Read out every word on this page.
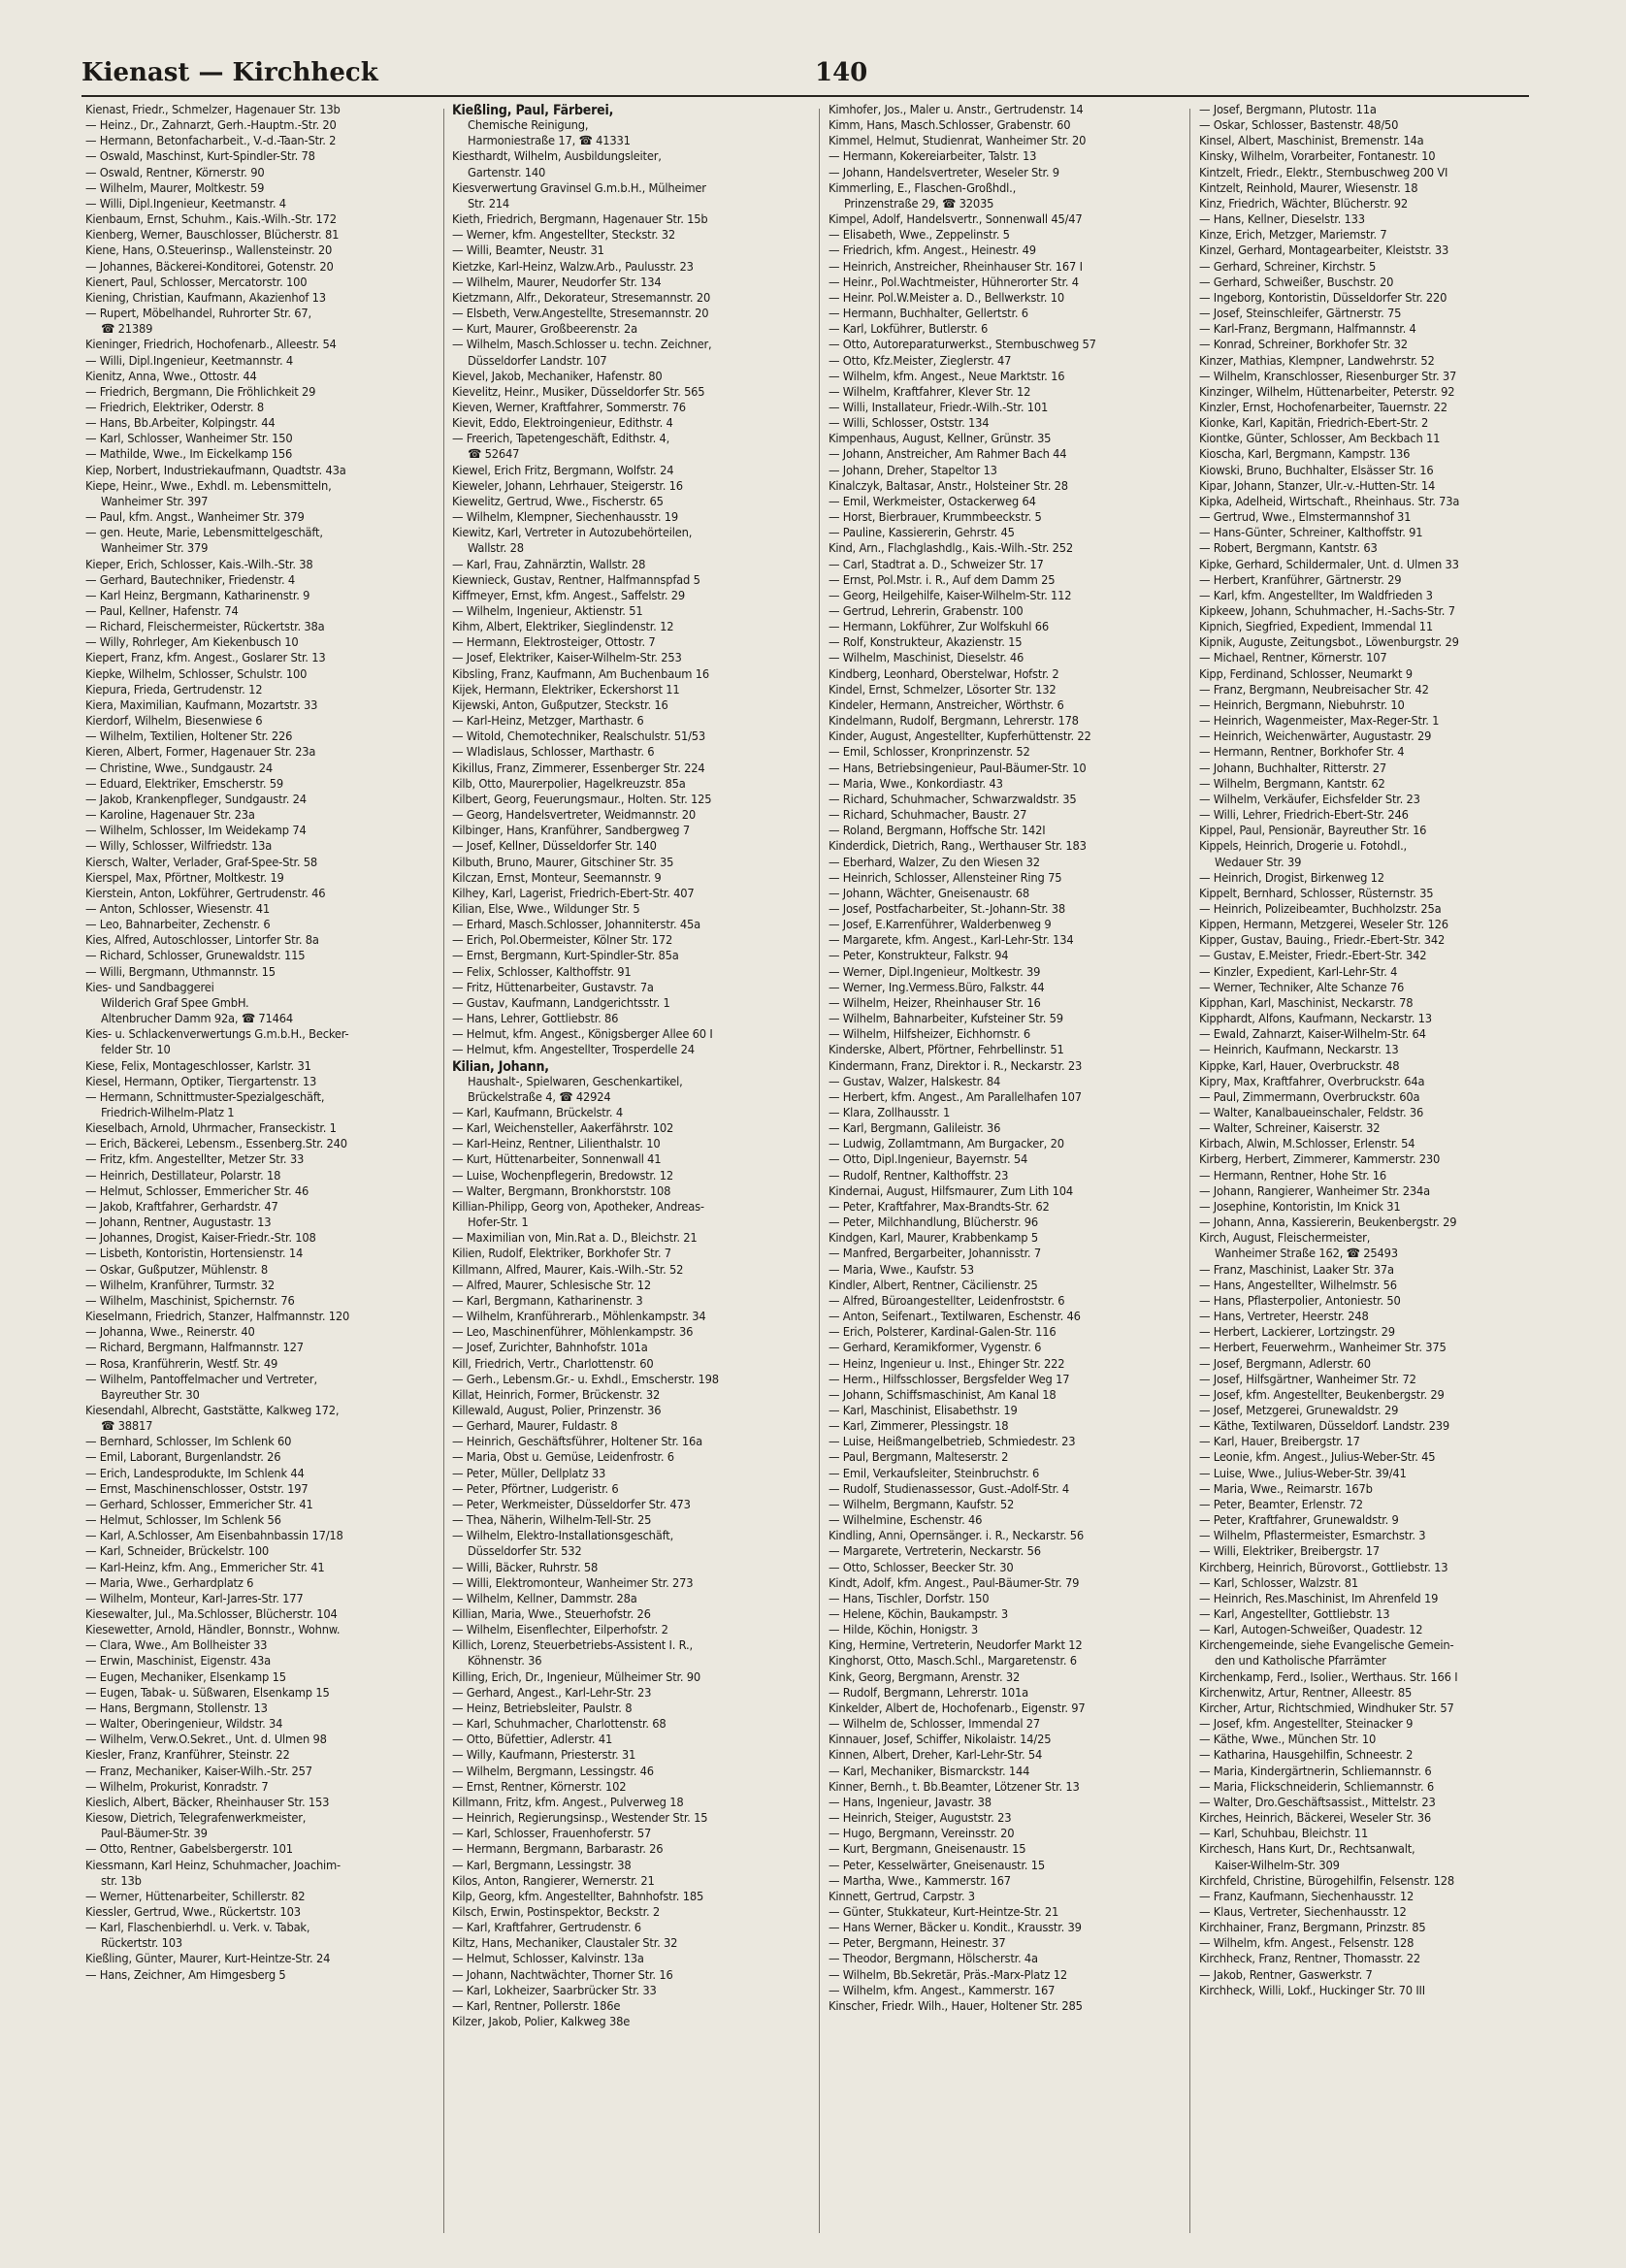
Kienast — Kirchheck	140
Kienast, Friedr., Schmelzer, Hagenauer Str. 13b
— Heinz., Dr., Zahnarzt, Gerh.-Hauptm.-Str. 20
— Hermann, Betonfacharbeit., V.-d.-Taan-Str. 2
— Oswald, Maschinst, Kurt-Spindler-Str. 78
— Oswald, Rentner, Körnerstr. 90
— Wilhelm, Maurer, Moltkestr. 59
— Willi, Dipl.Ingenieur, Keetmanstr. 4
Kienbaum, Ernst, Schuhm., Kais.-Wilh.-Str. 172
Kienberg, Werner, Bauschlosser, Blücherstr. 81
Kiene, Hans, O.Steuerinsp., Wallensteinstr. 20
— Johannes, Bäckerei-Konditorei, Gotenstr. 20
Kienert, Paul, Schlosser, Mercatorstr. 100
Kiening, Christian, Kaufmann, Akazienhof 13
— Rupert, Möbelhandel, Ruhrorter Str. 67,
☎ 21389
Kieninger, Friedrich, Hochofenarb., Alleestr. 54
— Willi, Dipl.Ingenieur, Keetmannstr. 4
Kienitz, Anna, Wwe., Ottostr. 44
— Friedrich, Bergmann, Die Fröhlichkeit 29
— Friedrich, Elektriker, Oderstr. 8
— Hans, Bb.Arbeiter, Kolpingstr. 44
— Karl, Schlosser, Wanheimer Str. 150
— Mathilde, Wwe., Im Eickelkamp 156
Kiep, Norbert, Industriekaufmann, Quadtstr. 43a
Kiepe, Heinr., Wwe., Exhdl. m. Lebensmitteln,
Wanheimer Str. 397
— Paul, kfm. Angst., Wanheimer Str. 379
— gen. Heute, Marie, Lebensmittelgeschäft,
Wanheimer Str. 379
Kieper, Erich, Schlosser, Kais.-Wilh.-Str. 38
— Gerhard, Bautechniker, Friedenstr. 4
— Karl Heinz, Bergmann, Katharinenstr. 9
— Paul, Kellner, Hafenstr. 74
— Richard, Fleischermeister, Rückertstr. 38a
— Willy, Rohrleger, Am Kiekenbusch 10
Kiepert, Franz, kfm. Angest., Goslarer Str. 13
Kiepke, Wilhelm, Schlosser, Schulstr. 100
Kiepura, Frieda, Gertrudenstr. 12
Kiera, Maximilian, Kaufmann, Mozartstr. 33
Kierdorf, Wilhelm, Biesenwiese 6
— Wilhelm, Textilien, Holtener Str. 226
Kieren, Albert, Former, Hagenauer Str. 23a
— Christine, Wwe., Sundgaustr. 24
— Eduard, Elektriker, Emscherstr. 59
— Jakob, Krankenpfleger, Sundgaustr. 24
— Karoline, Hagenauer Str. 23a
— Wilhelm, Schlosser, Im Weidekamp 74
— Willy, Schlosser, Wilfriedstr. 13a
Kiersch, Walter, Verlader, Graf-Spee-Str. 58
Kierspel, Max, Pförtner, Moltkestr. 19
Kierstein, Anton, Lokführer, Gertrudenstr. 46
— Anton, Schlosser, Wiesenstr. 41
— Leo, Bahnarbeiter, Zechenstr. 6
Kies, Alfred, Autoschlosser, Lintorfer Str. 8a
— Richard, Schlosser, Grunewaldstr. 115
— Willi, Bergmann, Uthmannstr. 15
Kies- und Sandbaggerei
Wilderich Graf Spee GmbH.
Altenbrucher Damm 92a, ☎ 71464
Kies- u. Schlackenverwertungs G.m.b.H., Becker-
felder Str. 10
Kiese, Felix, Montageschlosser, Karlstr. 31
Kiesel, Hermann, Optiker, Tiergartenstr. 13
— Hermann, Schnittmuster-Spezialgeschäft,
Friedrich-Wilhelm-Platz 1
Kieselbach, Arnold, Uhrmacher, Franseckistr. 1
— Erich, Bäckerei, Lebensm., Essenberg.Str. 240
— Fritz, kfm. Angestellter, Metzer Str. 33
— Heinrich, Destillateur, Polarstr. 18
— Helmut, Schlosser, Emmericher Str. 46
— Jakob, Kraftfahrer, Gerhardstr. 47
— Johann, Rentner, Augustastr. 13
— Johannes, Drogist, Kaiser-Friedr.-Str. 108
— Lisbeth, Kontoristin, Hortensienstr. 14
— Oskar, Gußputzer, Mühlenstr. 8
— Wilhelm, Kranführer, Turmstr. 32
— Wilhelm, Maschinist, Spichernstr. 76
Kieselmann, Friedrich, Stanzer, Halfmannstr. 120
— Johanna, Wwe., Reinerstr. 40
— Richard, Bergmann, Halfmannstr. 127
— Rosa, Kranführerin, Westf. Str. 49
— Wilhelm, Pantoffelmacher und Vertreter,
Bayreuther Str. 30
Kiesendahl, Albrecht, Gaststätte, Kalkweg 172,
☎ 38817
— Bernhard, Schlosser, Im Schlenk 60
— Emil, Laborant, Burgenlandstr. 26
— Erich, Landesprodukte, Im Schlenk 44
— Ernst, Maschinenschlosser, Oststr. 197
— Gerhard, Schlosser, Emmericher Str. 41
— Helmut, Schlosser, Im Schlenk 56
— Karl, A.Schlosser, Am Eisenbahnbassin 17/18
— Karl, Schneider, Brückelstr. 100
— Karl-Heinz, kfm. Ang., Emmericher Str. 41
— Maria, Wwe., Gerhardplatz 6
— Wilhelm, Monteur, Karl-Jarres-Str. 177
Kiesewalter, Jul., Ma.Schlosser, Blücherstr. 104
Kiesewetter, Arnold, Händler, Bonnstr., Wohnw.
— Clara, Wwe., Am Bollheister 33
— Erwin, Maschinist, Eigenstr. 43a
— Eugen, Mechaniker, Elsenkamp 15
— Eugen, Tabak- u. Süßwaren, Elsenkamp 15
— Hans, Bergmann, Stollenstr. 13
— Walter, Oberingenieur, Wildstr. 34
— Wilhelm, Verw.O.Sekret., Unt. d. Ulmen 98
Kiesler, Franz, Kranführer, Steinstr. 22
— Franz, Mechaniker, Kaiser-Wilh.-Str. 257
— Wilhelm, Prokurist, Konradstr. 7
Kieslich, Albert, Bäcker, Rheinhauser Str. 153
Kiesow, Dietrich, Telegrafenwerkmeister,
Paul-Bäumer-Str. 39
— Otto, Rentner, Gabelsbergerstr. 101
Kiessmann, Karl Heinz, Schuhmacher, Joachim-
str. 13b
— Werner, Hüttenarbeiter, Schillerstr. 82
Kiessler, Gertrud, Wwe., Rückertstr. 103
— Karl, Flaschenbierhdl. u. Verk. v. Tabak,
Rückertstr. 103
Kießling, Günter, Maurer, Kurt-Heintze-Str. 24
— Hans, Zeichner, Am Himgesberg 5
Kießling, Paul, Färberei,
Chemische Reinigung,
Harmoniestraße 17, ☎ 41331
Kiesthardt, Wilhelm, Ausbildungsleiter,
Gartenstr. 140
Kiesverwertung Gravinsel G.m.b.H., Mülheimer
Str. 214
Kieth, Friedrich, Bergmann, Hagenauer Str. 15b
— Werner, kfm. Angestellter, Steckstr. 32
— Willi, Beamter, Neustr. 31
Kietzke, Karl-Heinz, Walzw.Arb., Paulusstr. 23
— Wilhelm, Maurer, Neudorfer Str. 134
Kietzmann, Alfr., Dekorateur, Stresemannstr. 20
— Elsbeth, Verw.Angestellte, Stresemannstr. 20
— Kurt, Maurer, Großbeerenstr. 2a
— Wilhelm, Masch.Schlosser u. techn. Zeichner,
Düsseldorfer Landstr. 107
Kievel, Jakob, Mechaniker, Hafenstr. 80
Kievelitz, Heinr., Musiker, Düsseldorfer Str. 565
Kieven, Werner, Kraftfahrer, Sommerstr. 76
Kievit, Eddo, Elektroingenieur, Edithstr. 4
— Freerich, Tapetengeschäft, Edithstr. 4,
☎ 52647
Kiewel, Erich Fritz, Bergmann, Wolfstr. 24
Kieweler, Johann, Lehrhauer, Steigerstr. 16
Kiewelitz, Gertrud, Wwe., Fischerstr. 65
— Wilhelm, Klempner, Siechenhausstr. 19
Kiewitz, Karl, Vertreter in Autozubehörteilen,
Wallstr. 28
— Karl, Frau, Zahnärztin, Wallstr. 28
Kiewnieck, Gustav, Rentner, Halfmannspfad 5
Kiffmeyer, Ernst, kfm. Angest., Saffelstr. 29
— Wilhelm, Ingenieur, Aktienstr. 51
Kihm, Albert, Elektriker, Sieglindenstr. 12
— Hermann, Elektrosteiger, Ottostr. 7
— Josef, Elektriker, Kaiser-Wilhelm-Str. 253
Kibsling, Franz, Kaufmann, Am Buchenbaum 16
Kijek, Hermann, Elektriker, Eckershorst 11
Kijewski, Anton, Gußputzer, Steckstr. 16
— Karl-Heinz, Metzger, Marthastr. 6
— Witold, Chemotechniker, Realschulstr. 51/53
— Wladislaus, Schlosser, Marthastr. 6
Kikillus, Franz, Zimmerer, Essenberger Str. 224
Kilb, Otto, Maurerpolier, Hagelkreuzstr. 85a
Kilbert, Georg, Feuerungsmaur., Holten. Str. 125
— Georg, Handelsvertreter, Weidmannstr. 20
Kilbinger, Hans, Kranführer, Sandbergweg 7
— Josef, Kellner, Düsseldorfer Str. 140
Kilbuth, Bruno, Maurer, Gitschiner Str. 35
Kilczan, Ernst, Monteur, Seemannstr. 9
Kilhey, Karl, Lagerist, Friedrich-Ebert-Str. 407
Kilian, Else, Wwe., Wildunger Str. 5
— Erhard, Masch.Schlosser, Johanniterstr. 45a
— Erich, Pol.Obermeister, Kölner Str. 172
— Ernst, Bergmann, Kurt-Spindler-Str. 85a
— Felix, Schlosser, Kalthoffstr. 91
— Fritz, Hüttenarbeiter, Gustavstr. 7a
— Gustav, Kaufmann, Landgerichtsstr. 1
— Hans, Lehrer, Gottliebstr. 86
— Helmut, kfm. Angest., Königsberger Allee 60 I
— Helmut, kfm. Angestellter, Trosperdelle 24
Kilian, Johann,
Haushalt-, Spielwaren, Geschenkartikel,
Brückelstraße 4, ☎ 42924
— Karl, Kaufmann, Brückelstr. 4
— Karl, Weichensteller, Aakerfährstr. 102
— Karl-Heinz, Rentner, Lilienthalstr. 10
— Kurt, Hüttenarbeiter, Sonnenwall 41
— Luise, Wochenpflegerin, Bredowstr. 12
— Walter, Bergmann, Bronkhorststr. 108
Killian-Philipp, Georg von, Apotheker, Andreas-
Hofer-Str. 1
— Maximilian von, Min.Rat a. D., Bleichstr. 21
Kilien, Rudolf, Elektriker, Borkhofer Str. 7
Killmann, Alfred, Maurer, Kais.-Wilh.-Str. 52
— Alfred, Maurer, Schlesische Str. 12
— Karl, Bergmann, Katharinenstr. 3
— Wilhelm, Kranführerarb., Möhlenkampstr. 34
— Leo, Maschinenführer, Möhlenkampstr. 36
— Josef, Zurichter, Bahnhofstr. 101a
Kill, Friedrich, Vertr., Charlottenstr. 60
— Gerh., Lebensm.Gr.- u. Exhdl., Emscherstr. 198
Killat, Heinrich, Former, Brückenstr. 32
Killewald, August, Polier, Prinzenstr. 36
— Gerhard, Maurer, Fuldastr. 8
— Heinrich, Geschäftsführer, Holtener Str. 16a
— Maria, Obst u. Gemüse, Leidenfrostr. 6
— Peter, Müller, Dellplatz 33
— Peter, Pförtner, Ludgeristr. 6
— Peter, Werkmeister, Düsseldorfer Str. 473
— Thea, Näherin, Wilhelm-Tell-Str. 25
— Wilhelm, Elektro-Installationsgeschäft,
Düsseldorfer Str. 532
— Willi, Bäcker, Ruhrstr. 58
— Willi, Elektromonteur, Wanheimer Str. 273
— Wilhelm, Kellner, Dammstr. 28a
Killian, Maria, Wwe., Steuerhofstr. 26
— Wilhelm, Eisenflechter, Eilperhofstr. 2
Killich, Lorenz, Steuerbetriebs-Assistent I. R.,
Köhnenstr. 36
Killing, Erich, Dr., Ingenieur, Mülheimer Str. 90
— Gerhard, Angest., Karl-Lehr-Str. 23
— Heinz, Betriebsleiter, Paulstr. 8
— Karl, Schuhmacher, Charlottenstr. 68
— Otto, Büfettier, Adlerstr. 41
— Willy, Kaufmann, Priesterstr. 31
— Wilhelm, Bergmann, Lessingstr. 46
— Ernst, Rentner, Körnerstr. 102
Killmann, Fritz, kfm. Angest., Pulverweg 18
— Heinrich, Regierungsinsp., Westender Str. 15
— Karl, Schlosser, Frauenhoferstr. 57
— Hermann, Bergmann, Barbarastr. 26
— Karl, Bergmann, Lessingstr. 38
Kilos, Anton, Rangierer, Wernerstr. 21
Kilp, Georg, kfm. Angestellter, Bahnhofstr. 185
Kilsch, Erwin, Postinspektor, Beckstr. 2
— Karl, Kraftfahrer, Gertrudenstr. 6
Kiltz, Hans, Mechaniker, Claustaler Str. 32
— Helmut, Schlosser, Kalvinstr. 13a
— Johann, Nachtwächter, Thorner Str. 16
— Karl, Lokheizer, Saarbrücker Str. 33
— Karl, Rentner, Pollerstr. 186e
Kilzer, Jakob, Polier, Kalkweg 38e
Kimhofer, Jos., Maler u. Anstr., Gertrudenstr. 14
Kimm, Hans, Masch.Schlosser, Grabenstr. 60
Kimmel, Helmut, Studienrat, Wanheimer Str. 20
— Hermann, Kokereiarbeiter, Talstr. 13
— Johann, Handelsvertreter, Weseler Str. 9
Kimmerling, E., Flaschen-Großhdl.,
Prinzenstraße 29, ☎ 32035
Kimpel, Adolf, Handelsvertr., Sonnenwall 45/47
— Elisabeth, Wwe., Zeppelinstr. 5
— Friedrich, kfm. Angest., Heinestr. 49
— Heinrich, Anstreicher, Rheinhauser Str. 167 I
— Heinr., Pol.Wachtmeister, Hühnerorter Str. 4
— Heinr. Pol.W.Meister a. D., Bellwerkstr. 10
— Hermann, Buchhalter, Gellertstr. 6
— Karl, Lokführer, Butlerstr. 6
— Otto, Autoreparaturwerkst., Sternbuschweg 57
— Otto, Kfz.Meister, Zieglerstr. 47
— Wilhelm, kfm. Angest., Neue Marktstr. 16
— Wilhelm, Kraftfahrer, Klever Str. 12
— Willi, Installateur, Friedr.-Wilh.-Str. 101
— Willi, Schlosser, Oststr. 134
Kimpenhaus, August, Kellner, Grünstr. 35
— Johann, Anstreicher, Am Rahmer Bach 44
— Johann, Dreher, Stapeltor 13
Kinalczyk, Baltasar, Anstr., Holsteiner Str. 28
— Emil, Werkmeister, Ostackerweg 64
— Horst, Bierbrauer, Krummbeeckstr. 5
— Pauline, Kassiererin, Gehrstr. 45
Kind, Arn., Flachglashdlg., Kais.-Wilh.-Str. 252
— Carl, Stadtrat a. D., Schweizer Str. 17
— Ernst, Pol.Mstr. i. R., Auf dem Damm 25
— Georg, Heilgehilfe, Kaiser-Wilhelm-Str. 112
— Gertrud, Lehrerin, Grabenstr. 100
— Hermann, Lokführer, Zur Wolfskuhl 66
— Rolf, Konstrukteur, Akazienstr. 15
— Wilhelm, Maschinist, Dieselstr. 46
Kindberg, Leonhard, Oberstelwar, Hofstr. 2
Kindel, Ernst, Schmelzer, Lösorter Str. 132
Kindeler, Hermann, Anstreicher, Wörthstr. 6
Kindelmann, Rudolf, Bergmann, Lehrerstr. 178
Kinder, August, Angestellter, Kupferhüttenstr. 22
— Emil, Schlosser, Kronprinzenstr. 52
— Hans, Betriebsingenieur, Paul-Bäumer-Str. 10
— Maria, Wwe., Konkordiastr. 43
— Richard, Schuhmacher, Schwarzwaldstr. 35
— Richard, Schuhmacher, Baustr. 27
— Roland, Bergmann, Hoffsche Str. 142I
Kinderdick, Dietrich, Rang., Werthauser Str. 183
— Eberhard, Walzer, Zu den Wiesen 32
— Heinrich, Schlosser, Allensteiner Ring 75
— Johann, Wächter, Gneisenaustr. 68
— Josef, Postfacharbeiter, St.-Johann-Str. 38
— Josef, E.Karrenführer, Walderbenweg 9
— Margarete, kfm. Angest., Karl-Lehr-Str. 134
— Peter, Konstrukteur, Falkstr. 94
— Werner, Dipl.Ingenieur, Moltkestr. 39
— Werner, Ing.Vermess.Büro, Falkstr. 44
— Wilhelm, Heizer, Rheinhauser Str. 16
— Wilhelm, Bahnarbeiter, Kufsteiner Str. 59
— Wilhelm, Hilfsheizer, Eichhornstr. 6
Kinderske, Albert, Pförtner, Fehrbellinstr. 51
Kindermann, Franz, Direktor i. R., Neckarstr. 23
— Gustav, Walzer, Halskestr. 84
— Herbert, kfm. Angest., Am Parallelhafen 107
— Klara, Zollhausstr. 1
— Karl, Bergmann, Galileistr. 36
— Ludwig, Zollamtmann, Am Burgacker, 20
— Otto, Dipl.Ingenieur, Bayernstr. 54
— Rudolf, Rentner, Kalthoffstr. 23
Kindernai, August, Hilfsmaurer, Zum Lith 104
— Peter, Kraftfahrer, Max-Brandts-Str. 62
— Peter, Milchhandlung, Blücherstr. 96
Kindgen, Karl, Maurer, Krabbenkamp 5
— Manfred, Bergarbeiter, Johannisstr. 7
— Maria, Wwe., Kaufstr. 53
Kindler, Albert, Rentner, Cäcilienstr. 25
— Alfred, Büroangestellter, Leidenfroststr. 6
— Anton, Seifenart., Textilwaren, Eschenstr. 46
— Erich, Polsterer, Kardinal-Galen-Str. 116
— Gerhard, Keramikformer, Vygenstr. 6
— Heinz, Ingenieur u. Inst., Ehinger Str. 222
— Herm., Hilfsschlosser, Bergsfelder Weg 17
— Johann, Schiffsmaschinist, Am Kanal 18
— Karl, Maschinist, Elisabethstr. 19
— Karl, Zimmerer, Plessingstr. 18
— Luise, Heißmangelbetrieb, Schmiedestr. 23
— Paul, Bergmann, Malteserstr. 2
— Emil, Verkaufsleiter, Steinbruchstr. 6
— Rudolf, Studienassessor, Gust.-Adolf-Str. 4
— Wilhelm, Bergmann, Kaufstr. 52
— Wilhelmine, Eschenstr. 46
Kindling, Anni, Opernsänger. i. R., Neckarstr. 56
— Margarete, Vertreterin, Neckarstr. 56
— Otto, Schlosser, Beecker Str. 30
Kindt, Adolf, kfm. Angest., Paul-Bäumer-Str. 79
— Hans, Tischler, Dorfstr. 150
— Helene, Köchin, Baukampstr. 3
— Hilde, Köchin, Honigstr. 3
King, Hermine, Vertreterin, Neudorfer Markt 12
Kinghorst, Otto, Masch.Schl., Margaretenstr. 6
Kink, Georg, Bergmann, Arenstr. 32
— Rudolf, Bergmann, Lehrerstr. 101a
Kinkelder, Albert de, Hochofenarb., Eigenstr. 97
— Wilhelm de, Schlosser, Immendal 27
Kinnauer, Josef, Schiffer, Nikolaistr. 14/25
Kinnen, Albert, Dreher, Karl-Lehr-Str. 54
— Karl, Mechaniker, Bismarckstr. 144
Kinner, Bernh., t. Bb.Beamter, Lötzener Str. 13
— Hans, Ingenieur, Javastr. 38
— Heinrich, Steiger, Auguststr. 23
— Hugo, Bergmann, Vereinsstr. 20
— Kurt, Bergmann, Gneisenaustr. 15
— Peter, Kesselwärter, Gneisenaustr. 15
— Martha, Wwe., Kammerstr. 167
Kinnett, Gertrud, Carpstr. 3
— Günter, Stukkateur, Kurt-Heintze-Str. 21
— Hans Werner, Bäcker u. Kondit., Krausstr. 39
— Peter, Bergmann, Heinestr. 37
— Theodor, Bergmann, Hölscherstr. 4a
— Wilhelm, Bb.Sekretär, Präs.-Marx-Platz 12
— Wilhelm, kfm. Angest., Kammerstr. 167
Kinscher, Friedr. Wilh., Hauer, Holtener Str. 285
— Josef, Bergmann, Plutostr. 11a
— Oskar, Schlosser, Bastenstr. 48/50
Kinsel, Albert, Maschinist, Bremenstr. 14a
Kinsky, Wilhelm, Vorarbeiter, Fontanestr. 10
Kintzelt, Friedr., Elektr., Sternbuschweg 200 VI
Kintzelt, Reinhold, Maurer, Wiesenstr. 18
Kinz, Friedrich, Wächter, Blücherstr. 92
— Hans, Kellner, Dieselstr. 133
Kinze, Erich, Metzger, Mariemstr. 7
Kinzel, Gerhard, Montagearbeiter, Kleiststr. 33
— Gerhard, Schreiner, Kirchstr. 5
— Gerhard, Schweißer, Buschstr. 20
— Ingeborg, Kontoristin, Düsseldorfer Str. 220
— Josef, Steinschleifer, Gärtnerstr. 75
— Karl-Franz, Bergmann, Halfmannstr. 4
— Konrad, Schreiner, Borkhofer Str. 32
Kinzer, Mathias, Klempner, Landwehrstr. 52
— Wilhelm, Kranschlosser, Riesenburger Str. 37
Kinzinger, Wilhelm, Hüttenarbeiter, Peterstr. 92
Kinzler, Ernst, Hochofenarbeiter, Tauernstr. 22
Kionke, Karl, Kapitän, Friedrich-Ebert-Str. 2
Kiontke, Günter, Schlosser, Am Beckbach 11
Kioscha, Karl, Bergmann, Kampstr. 136
Kiowski, Bruno, Buchhalter, Elsässer Str. 16
Kipar, Johann, Stanzer, Ulr.-v.-Hutten-Str. 14
Kipka, Adelheid, Wirtschaft., Rheinhaus. Str. 73a
— Gertrud, Wwe., Elmstermannshof 31
— Hans-Günter, Schreiner, Kalthoffstr. 91
— Robert, Bergmann, Kantstr. 63
Kipke, Gerhard, Schildermaler, Unt. d. Ulmen 33
— Herbert, Kranführer, Gärtnerstr. 29
— Karl, kfm. Angestellter, Im Waldfrieden 3
Kipkeew, Johann, Schuhmacher, H.-Sachs-Str. 7
Kipnich, Siegfried, Expedient, Immendal 11
Kipnik, Auguste, Zeitungsbot., Löwenburgstr. 29
— Michael, Rentner, Körnerstr. 107
Kipp, Ferdinand, Schlosser, Neumarkt 9
— Franz, Bergmann, Neubreisacher Str. 42
— Heinrich, Bergmann, Niebuhrstr. 10
— Heinrich, Wagenmeister, Max-Reger-Str. 1
— Heinrich, Weichenwärter, Augustastr. 29
— Hermann, Rentner, Borkhofer Str. 4
— Johann, Buchhalter, Ritterstr. 27
— Wilhelm, Bergmann, Kantstr. 62
— Wilhelm, Verkäufer, Eichsfelder Str. 23
— Willi, Lehrer, Friedrich-Ebert-Str. 246
Kippel, Paul, Pensionär, Bayreuther Str. 16
Kippels, Heinrich, Drogerie u. Fotohdl.,
Wedauer Str. 39
— Heinrich, Drogist, Birkenweg 12
Kippelt, Bernhard, Schlosser, Rüsternstr. 35
— Heinrich, Polizeibeamter, Buchholzstr. 25a
Kippen, Hermann, Metzgerei, Weseler Str. 126
Kipper, Gustav, Bauing., Friedr.-Ebert-Str. 342
— Gustav, E.Meister, Friedr.-Ebert-Str. 342
— Kinzler, Expedient, Karl-Lehr-Str. 4
— Werner, Techniker, Alte Schanze 76
Kipphan, Karl, Maschinist, Neckarstr. 78
Kipphardt, Alfons, Kaufmann, Neckarstr. 13
— Ewald, Zahnarzt, Kaiser-Wilhelm-Str. 64
— Heinrich, Kaufmann, Neckarstr. 13
Kippke, Karl, Hauer, Overbruckstr. 48
Kipry, Max, Kraftfahrer, Overbruckstr. 64a
— Paul, Zimmermann, Overbruckstr. 60a
— Walter, Kanalbaueinschaler, Feldstr. 36
— Walter, Schreiner, Kaiserstr. 32
Kirbach, Alwin, M.Schlosser, Erlenstr. 54
Kirberg, Herbert, Zimmerer, Kammerstr. 230
— Hermann, Rentner, Hohe Str. 16
— Johann, Rangierer, Wanheimer Str. 234a
— Josephine, Kontoristin, Im Knick 31
— Johann, Anna, Kassiererin, Beukenbergstr. 29
Kirch, August, Fleischermeister,
Wanheimer Straße 162, ☎ 25493
— Franz, Maschinist, Laaker Str. 37a
— Hans, Angestellter, Wilhelmstr. 56
— Hans, Pflasterpolier, Antoniestr. 50
— Hans, Vertreter, Heerstr. 248
— Herbert, Lackierer, Lortzingstr. 29
— Herbert, Feuerwehrm., Wanheimer Str. 375
— Josef, Bergmann, Adlerstr. 60
— Josef, Hilfsgärtner, Wanheimer Str. 72
— Josef, kfm. Angestellter, Beukenbergstr. 29
— Josef, Metzgerei, Grunewaldstr. 29
— Käthe, Textilwaren, Düsseldorf. Landstr. 239
— Karl, Hauer, Breibergstr. 17
— Leonie, kfm. Angest., Julius-Weber-Str. 45
— Luise, Wwe., Julius-Weber-Str. 39/41
— Maria, Wwe., Reimarstr. 167b
— Peter, Beamter, Erlenstr. 72
— Peter, Kraftfahrer, Grunewaldstr. 9
— Wilhelm, Pflastermeister, Esmarchstr. 3
— Willi, Elektriker, Breibergstr. 17
Kirchberg, Heinrich, Bürovorst., Gottliebstr. 13
— Karl, Schlosser, Walzstr. 81
— Heinrich, Res.Maschinist, Im Ahrenfeld 19
— Karl, Angestellter, Gottliebstr. 13
— Karl, Autogen-Schweißer, Quadestr. 12
Kirchengemeinde, siehe Evangelische Gemein-
den und Katholische Pfarrämter
Kirchenkamp, Ferd., Isolier., Werthaus. Str. 166 I
Kirchenwitz, Artur, Rentner, Alleestr. 85
Kircher, Artur, Richtschmied, Windhuker Str. 57
— Josef, kfm. Angestellter, Steinacker 9
— Käthe, Wwe., München Str. 10
— Katharina, Hausgehilfin, Schneestr. 2
— Maria, Kindergärtnerin, Schliemannstr. 6
— Maria, Flickschneiderin, Schliemannstr. 6
— Walter, Dro.Geschäftsassist., Mittelstr. 23
Kirches, Heinrich, Bäckerei, Weseler Str. 36
— Karl, Schuhbau, Bleichstr. 11
Kirchesch, Hans Kurt, Dr., Rechtsanwalt,
Kaiser-Wilhelm-Str. 309
Kirchfeld, Christine, Bürogehilfin, Felsenstr. 128
— Franz, Kaufmann, Siechenhausstr. 12
— Klaus, Vertreter, Siechenhausstr. 12
Kirchhainer, Franz, Bergmann, Prinzstr. 85
— Wilhelm, kfm. Angest., Felsenstr. 128
Kirchheck, Franz, Rentner, Thomasstr. 22
— Jakob, Rentner, Gaswerkstr. 7
Kirchheck, Willi, Lokf., Huckinger Str. 70 III
